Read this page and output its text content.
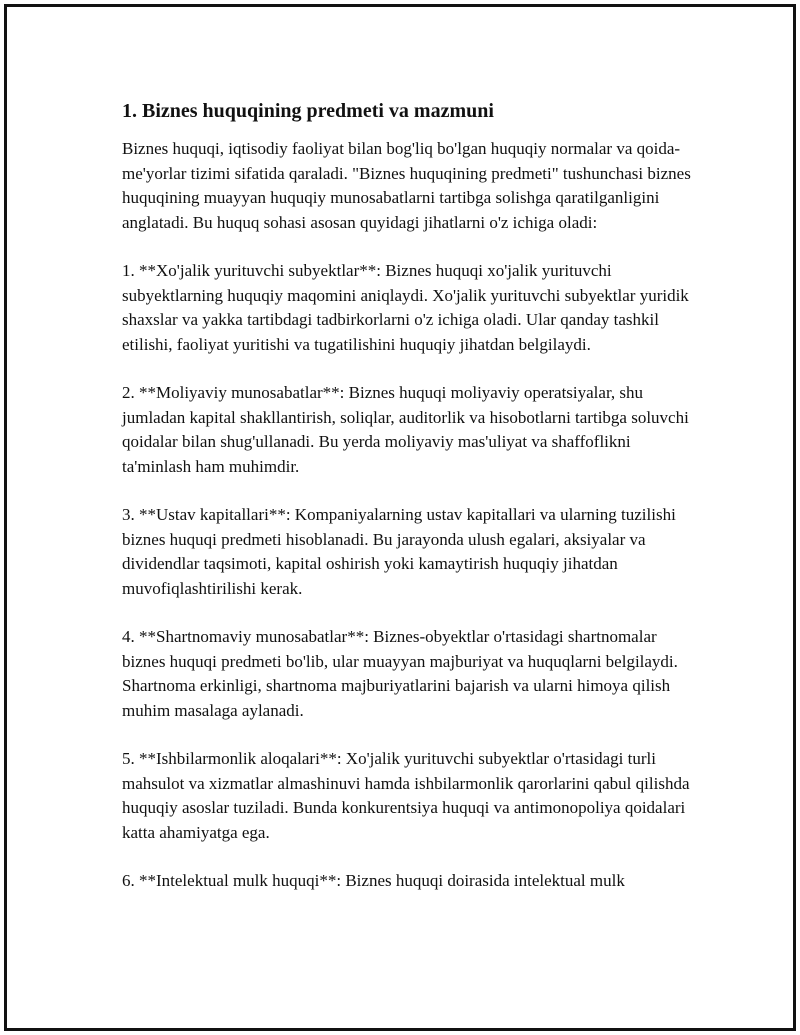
1. Biznes huquqining predmeti va mazmuni

Biznes huquqi, iqtisodiy faoliyat bilan bog'liq bo'lgan huquqiy normalar va qoida-me'yorlar tizimi sifatida qaraladi. "Biznes huquqining predmeti" tushunchasi biznes huquqining muayyan huquqiy munosabatlarni tartibga solishga qaratilganligini anglatadi. Bu huquq sohasi asosan quyidagi jihatlarni o'z ichiga oladi:

1. **Xo'jalik yurituvchi subyektlar**: Biznes huquqi xo'jalik yurituvchi subyektlarning huquqiy maqomini aniqlaydi. Xo'jalik yurituvchi subyektlar yuridik shaxslar va yakka tartibdagi tadbirkorlarni o'z ichiga oladi. Ular qanday tashkil etilishi, faoliyat yuritishi va tugatilishini huquqiy jihatdan belgilaydi.

2. **Moliyaviy munosabatlar**: Biznes huquqi moliyaviy operatsiyalar, shu jumladan kapital shakllantirish, soliqlar, auditorlik va hisobotlarni tartibga soluvchi qoidalar bilan shug'ullanadi. Bu yerda moliyaviy mas'uliyat va shaffoflikni ta'minlash ham muhimdir.

3. **Ustav kapitallari**: Kompaniyalarning ustav kapitallari va ularning tuzilishi biznes huquqi predmeti hisoblanadi. Bu jarayonda ulush egalari, aksiyalar va dividendlar taqsimoti, kapital oshirish yoki kamaytirish huquqiy jihatdan muvofiqlashtirilishi kerak.

4. **Shartnomaviy munosabatlar**: Biznes-obyektlar o'rtasidagi shartnomalar biznes huquqi predmeti bo'lib, ular muayyan majburiyat va huquqlarni belgilaydi. Shartnoma erkinligi, shartnoma majburiyatlarini bajarish va ularni himoya qilish muhim masalaga aylanadi.

5. **Ishbilarmonlik aloqalari**: Xo'jalik yurituvchi subyektlar o'rtasidagi turli mahsulot va xizmatlar almashinuvi hamda ishbilarmonlik qarorlarini qabul qilishda huquqiy asoslar tuziladi. Bunda konkurentsiya huquqi va antimonopoliya qoidalari katta ahamiyatga ega.

6. **Intelektual mulk huquqi**: Biznes huquqi doirasida intelektual mulk
